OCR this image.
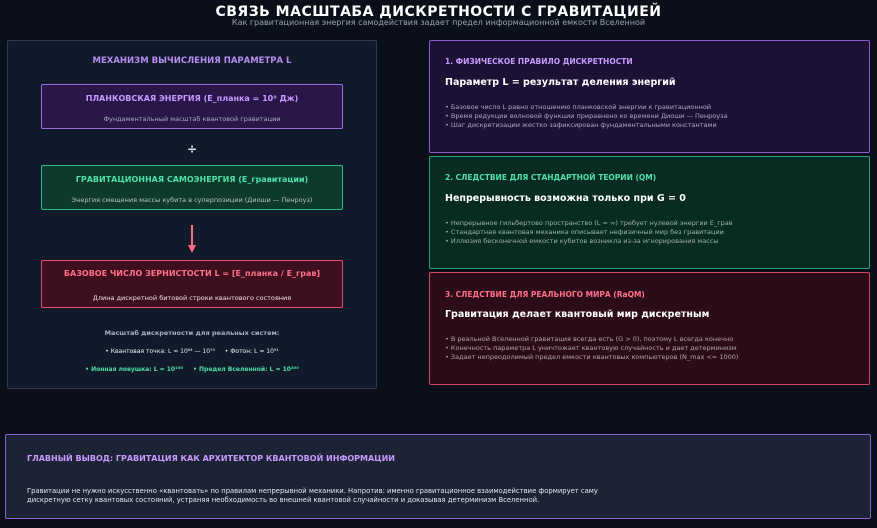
СВЯЗЬ МАСШТАБА ДИСКРЕТНОСТИ С ГРАВИТАЦИЕЙ
Как гравитационная энергия самодействия задает предел информационной емкости Вселенной
МЕХАНИЗМ ВЫЧИСЛЕНИЯ ПАРАМЕТРА L
ПЛАНКОВСКАЯ ЭНЕРГИЯ (E_планка = 10⁹ Дж)
Фундаментальный масштаб квантовой гравитации
÷
ГРАВИТАЦИОННАЯ САМОЭНЕРГИЯ (E_гравитации)
Энергия смещения массы кубита в суперпозиции (Диоши — Пенроуз)
БАЗОВОЕ ЧИСЛО ЗЕРНИСТОСТИ L = [E_планка / E_грав]
Длина дискретной битовой строки квантового состояния
Масштаб дискретности для реальных систем:
• Квантовая точка: L ≈ 10⁶⁴ — 10⁷⁰ • Фотон: L ≈ 10⁹¹
• Ионная ловушка: L ≈ 10¹⁰⁰ • Предел Вселенной: L ≈ 10²⁰⁰
1. ФИЗИЧЕСКОЕ ПРАВИЛО ДИСКРЕТНОСТИ
Параметр L = результат деления энергий
• Базовое число L равно отношению планковской энергии к гравитационной
• Время редукции волновой функции приравнено ко времени Диоши — Пенроуза
• Шаг дискретизации жестко зафиксирован фундаментальными константами
2. СЛЕДСТВИЕ ДЛЯ СТАНДАРТНОЙ ТЕОРИИ (QM)
Непрерывность возможна только при G = 0
• Непрерывное гильбертово пространство (L = ∞) требует нулевой энергии E_грав
• Стандартная квантовая механика описывает нефизичный мир без гравитации
• Иллюзия бесконечной емкости кубитов возникла из-за игнорирования массы
3. СЛЕДСТВИЕ ДЛЯ РЕАЛЬНОГО МИРА (RaQM)
Гравитация делает квантовый мир дискретным
• В реальной Вселенной гравитация всегда есть (G > 0), поэтому L всегда конечно
• Конечность параметра L уничтожает квантовую случайность и дает детерминизм
• Задает непреодолимый предел емкости квантовых компьютеров (N_max <= 1000)
ГЛАВНЫЙ ВЫВОД: ГРАВИТАЦИЯ КАК АРХИТЕКТОР КВАНТОВОЙ ИНФОРМАЦИИ
Гравитации не нужно искусственно «квантовать» по правилам непрерывной механики. Напротив: именно гравитационное взаимодействие формирует саму дискретную сетку квантовых состояний, устраняя необходимость во внешней квантовой случайности и доказывая детерминизм Вселенной.
